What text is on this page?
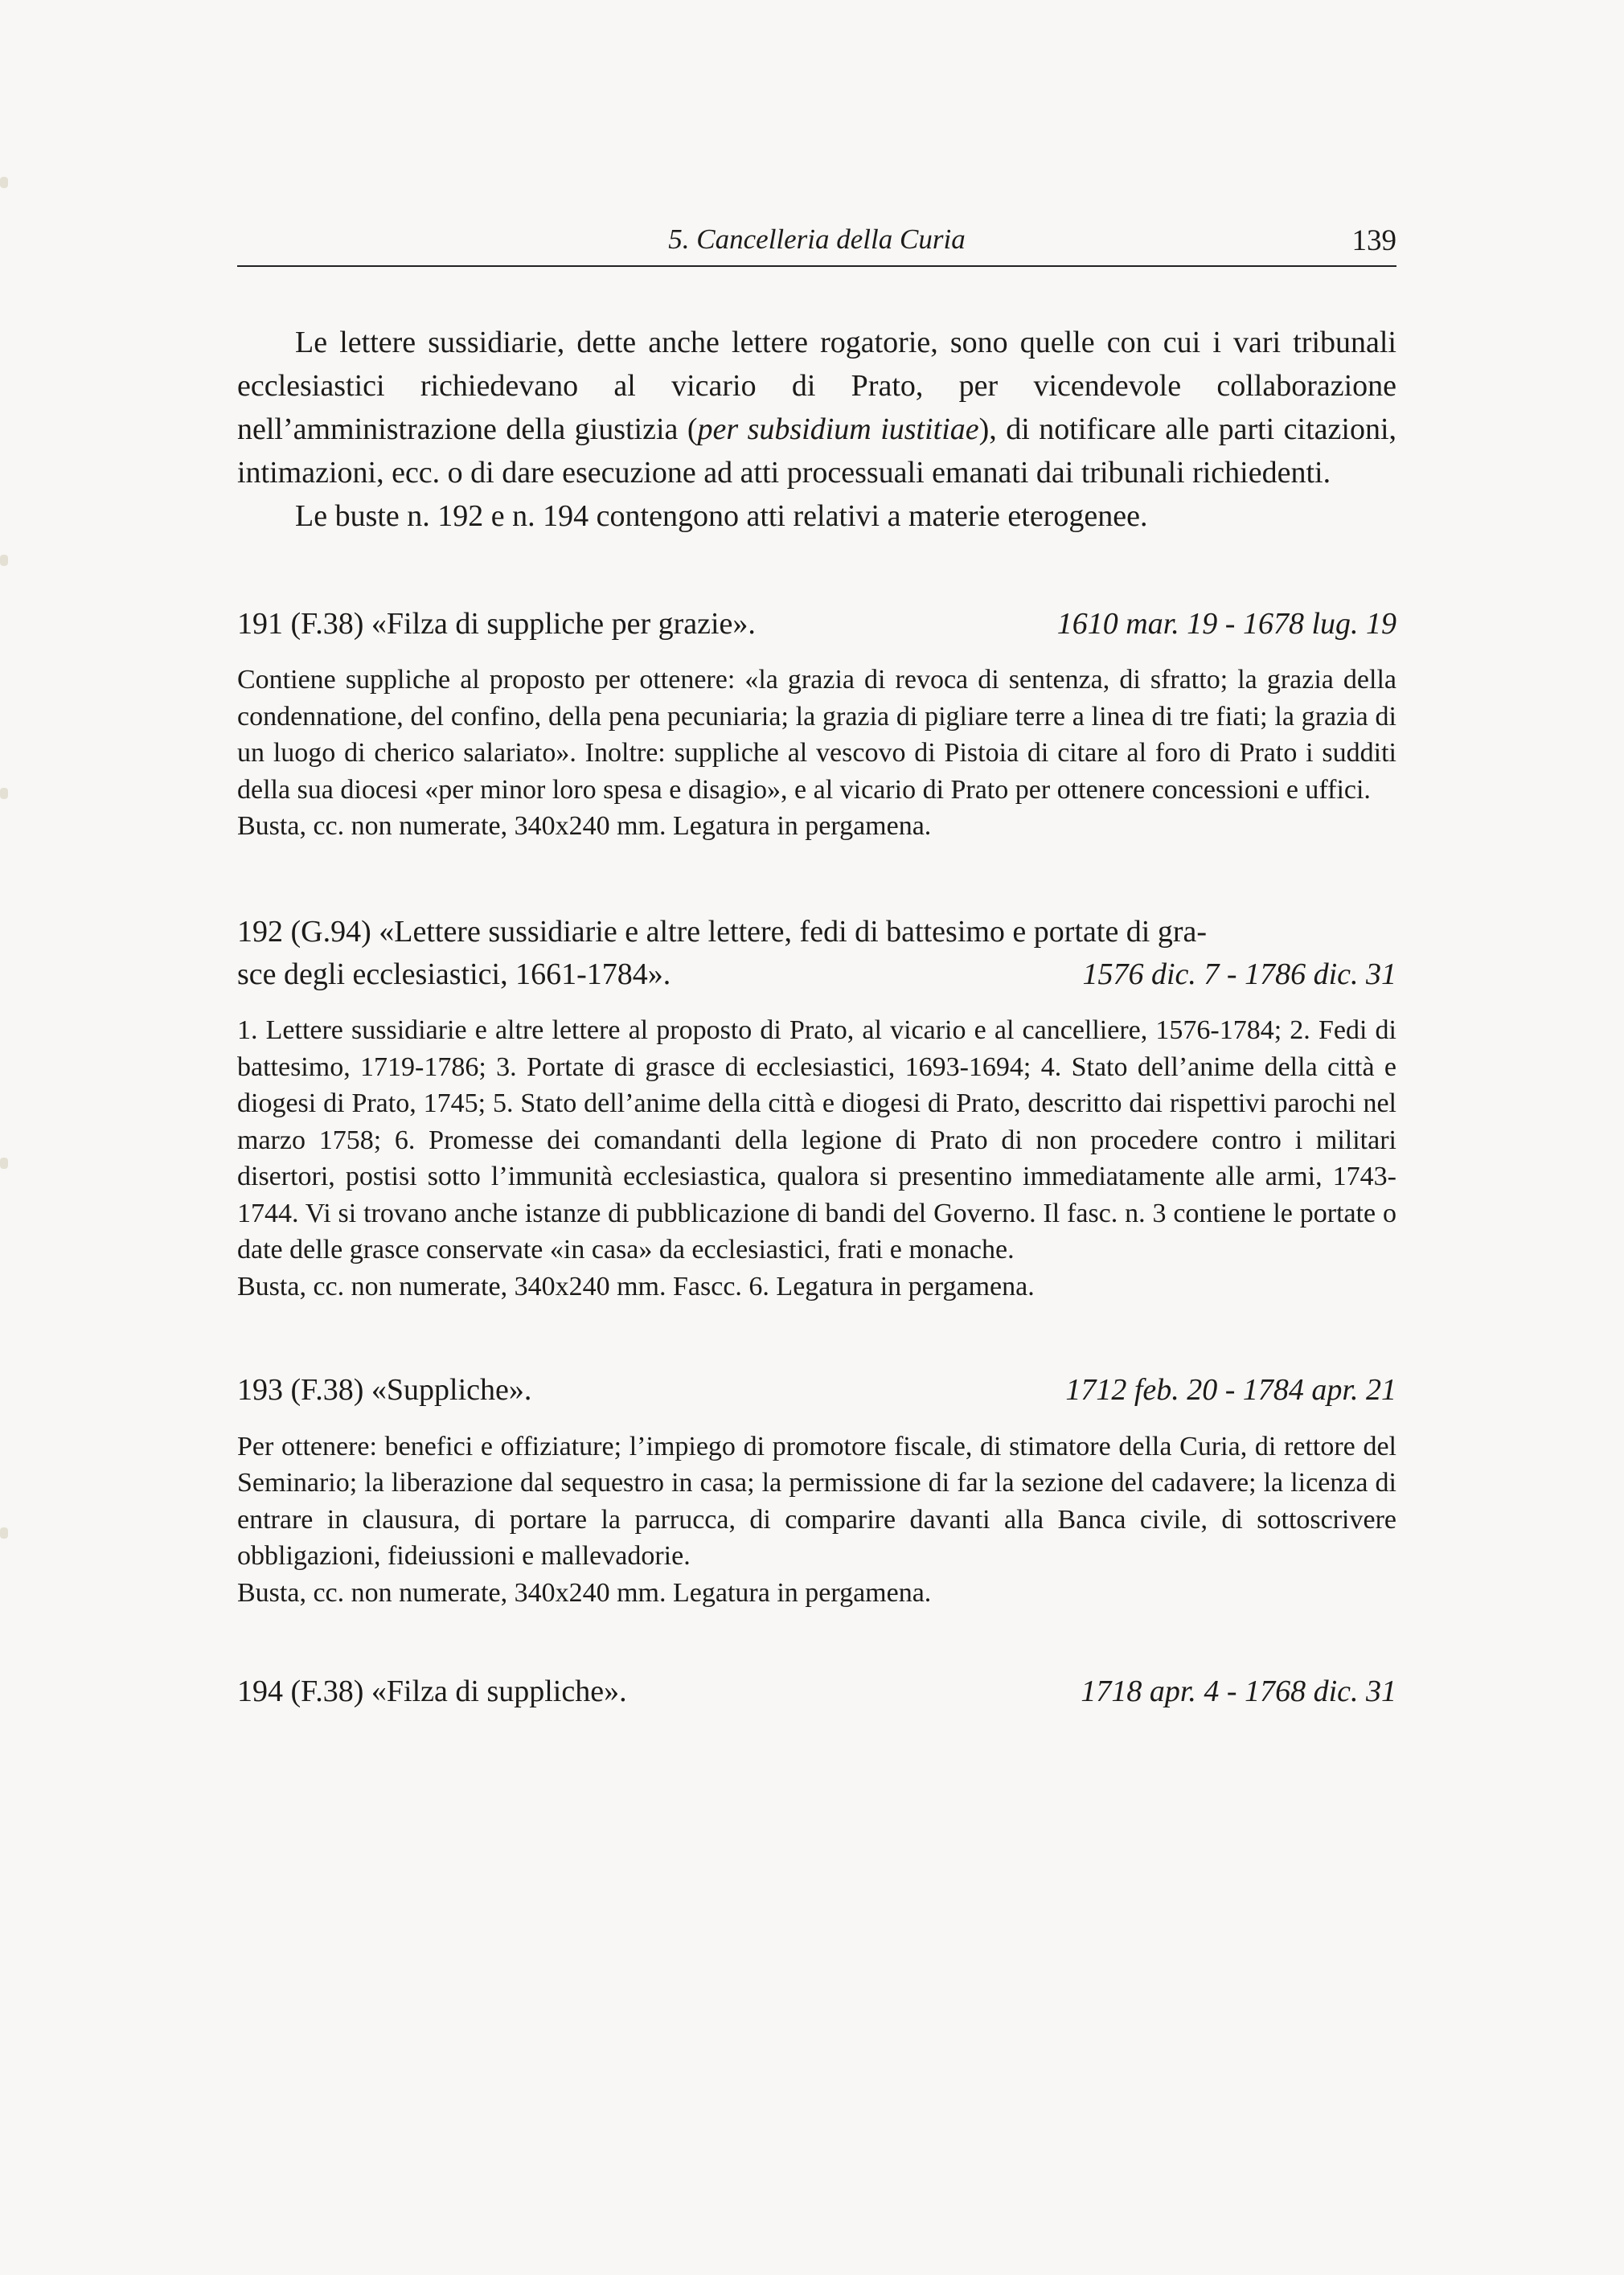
5. Cancelleria della Curia	139

Le lettere sussidiarie, dette anche lettere rogatorie, sono quelle con cui i vari tribunali ecclesiastici richiedevano al vicario di Prato, per vicendevole collaborazione nell’amministrazione della giustizia (per subsidium iustitiae), di notificare alle parti citazioni, intimazioni, ecc. o di dare esecuzione ad atti processuali emanati dai tribunali richiedenti.

Le buste n. 192 e n. 194 contengono atti relativi a materie eterogenee.

191 (F.38) «Filza di suppliche per grazie».	1610 mar. 19 - 1678 lug. 19

Contiene suppliche al proposto per ottenere: «la grazia di revoca di sentenza, di sfratto; la grazia della condennatione, del confino, della pena pecuniaria; la grazia di pigliare terre a linea di tre fiati; la grazia di un luogo di cherico salariato». Inoltre: suppliche al vescovo di Pistoia di citare al foro di Prato i sudditi della sua diocesi «per minor loro spesa e disagio», e al vicario di Prato per ottenere concessioni e uffici.

Busta, cc. non numerate, 340x240 mm. Legatura in pergamena.

192 (G.94) «Lettere sussidiarie e altre lettere, fedi di battesimo e portate di gra-
sce degli ecclesiastici, 1661-1784».	1576 dic. 7 - 1786 dic. 31

1. Lettere sussidiarie e altre lettere al proposto di Prato, al vicario e al cancelliere, 1576-1784; 2. Fedi di battesimo, 1719-1786; 3. Portate di grasce di ecclesiastici, 1693-1694; 4. Stato dell’anime della città e diogesi di Prato, 1745; 5. Stato dell’anime della città e diogesi di Prato, descritto dai rispettivi parochi nel marzo 1758; 6. Promesse dei comandanti della legione di Prato di non procedere contro i militari disertori, postisi sotto l’immunità ecclesiastica, qualora si presentino immediatamente alle armi, 1743-1744. Vi si trovano anche istanze di pubblicazione di bandi del Governo. Il fasc. n. 3 contiene le portate o date delle grasce conservate «in casa» da ecclesiastici, frati e monache.

Busta, cc. non numerate, 340x240 mm. Fascc. 6. Legatura in pergamena.

193 (F.38) «Suppliche».	1712 feb. 20 - 1784 apr. 21

Per ottenere: benefici e offiziature; l’impiego di promotore fiscale, di stimatore della Curia, di rettore del Seminario; la liberazione dal sequestro in casa; la permissione di far la sezione del cadavere; la licenza di entrare in clausura, di portare la parrucca, di comparire davanti alla Banca civile, di sottoscrivere obbligazioni, fideiussioni e mallevadorie.

Busta, cc. non numerate, 340x240 mm. Legatura in pergamena.

194 (F.38) «Filza di suppliche».	1718 apr. 4 - 1768 dic. 31
